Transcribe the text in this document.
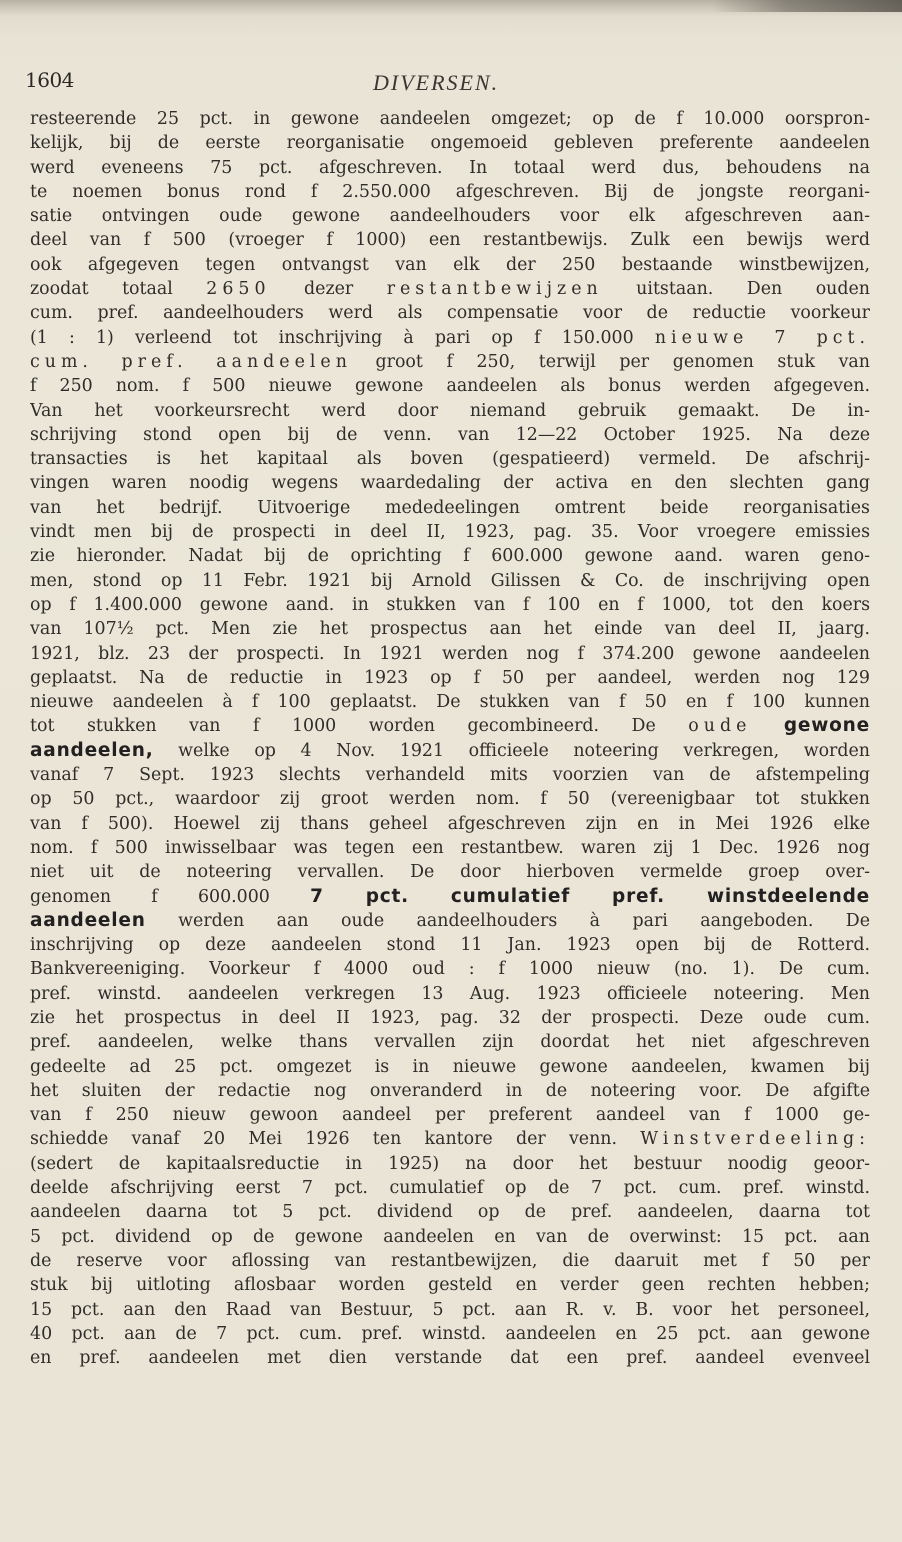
1604	DIVERSEN.
resteerende 25 pct. in gewone aandeelen omgezet; op de f 10.000 oorspron-
kelijk, bij de eerste reorganisatie ongemoeid gebleven preferente aandeelen
werd eveneens 75 pct. afgeschreven. In totaal werd dus, behoudens na
te noemen bonus rond f 2.550.000 afgeschreven. Bij de jongste reorgani-
satie ontvingen oude gewone aandeelhouders voor elk afgeschreven aan-
deel van f 500 (vroeger f 1000) een restantbewijs. Zulk een bewijs werd
ook afgegeven tegen ontvangst van elk der 250 bestaande winstbewijzen,
zoodat totaal 2650 dezer restantbewijzen uitstaan. Den ouden
cum. pref. aandeelhouders werd als compensatie voor de reductie voorkeur
(1 : 1) verleend tot inschrijving à pari op f 150.000 nieuwe 7 pct.
cum. pref. aandeelen groot f 250, terwijl per genomen stuk van
f 250 nom. f 500 nieuwe gewone aandeelen als bonus werden afgegeven.
Van het voorkeursrecht werd door niemand gebruik gemaakt. De in-
schrijving stond open bij de venn. van 12—22 October 1925. Na deze
transacties is het kapitaal als boven (gespatieerd) vermeld. De afschrij-
vingen waren noodig wegens waardedaling der activa en den slechten gang
van het bedrijf. Uitvoerige mededeelingen omtrent beide reorganisaties
vindt men bij de prospecti in deel II, 1923, pag. 35. Voor vroegere emissies
zie hieronder. Nadat bij de oprichting f 600.000 gewone aand. waren geno-
men, stond op 11 Febr. 1921 bij Arnold Gilissen & Co. de inschrijving open
op f 1.400.000 gewone aand. in stukken van f 100 en f 1000, tot den koers
van 107½ pct. Men zie het prospectus aan het einde van deel II, jaarg.
1921, blz. 23 der prospecti. In 1921 werden nog f 374.200 gewone aandeelen
geplaatst. Na de reductie in 1923 op f 50 per aandeel, werden nog 129
nieuwe aandeelen à f 100 geplaatst. De stukken van f 50 en f 100 kunnen
tot stukken van f 1000 worden gecombineerd. De oude gewone
aandeelen, welke op 4 Nov. 1921 officieele noteering verkregen, worden
vanaf 7 Sept. 1923 slechts verhandeld mits voorzien van de afstempeling
op 50 pct., waardoor zij groot werden nom. f 50 (vereenigbaar tot stukken
van f 500). Hoewel zij thans geheel afgeschreven zijn en in Mei 1926 elke
nom. f 500 inwisselbaar was tegen een restantbew. waren zij 1 Dec. 1926 nog
niet uit de noteering vervallen. De door hierboven vermelde groep over-
genomen f 600.000 7 pct. cumulatief pref. winstdeelende
aandeelen werden aan oude aandeelhouders à pari aangeboden. De
inschrijving op deze aandeelen stond 11 Jan. 1923 open bij de Rotterd.
Bankvereeniging. Voorkeur f 4000 oud : f 1000 nieuw (no. 1). De cum.
pref. winstd. aandeelen verkregen 13 Aug. 1923 officieele noteering. Men
zie het prospectus in deel II 1923, pag. 32 der prospecti. Deze oude cum.
pref. aandeelen, welke thans vervallen zijn doordat het niet afgeschreven
gedeelte ad 25 pct. omgezet is in nieuwe gewone aandeelen, kwamen bij
het sluiten der redactie nog onveranderd in de noteering voor. De afgifte
van f 250 nieuw gewoon aandeel per preferent aandeel van f 1000 ge-
schiedde vanaf 20 Mei 1926 ten kantore der venn. Winstverdeeling:
(sedert de kapitaalsreductie in 1925) na door het bestuur noodig geoor-
deelde afschrijving eerst 7 pct. cumulatief op de 7 pct. cum. pref. winstd.
aandeelen daarna tot 5 pct. dividend op de pref. aandeelen, daarna tot
5 pct. dividend op de gewone aandeelen en van de overwinst: 15 pct. aan
de reserve voor aflossing van restantbewijzen, die daaruit met f 50 per
stuk bij uitloting aflosbaar worden gesteld en verder geen rechten hebben;
15 pct. aan den Raad van Bestuur, 5 pct. aan R. v. B. voor het personeel,
40 pct. aan de 7 pct. cum. pref. winstd. aandeelen en 25 pct. aan gewone
en pref. aandeelen met dien verstande dat een pref. aandeel evenveel
